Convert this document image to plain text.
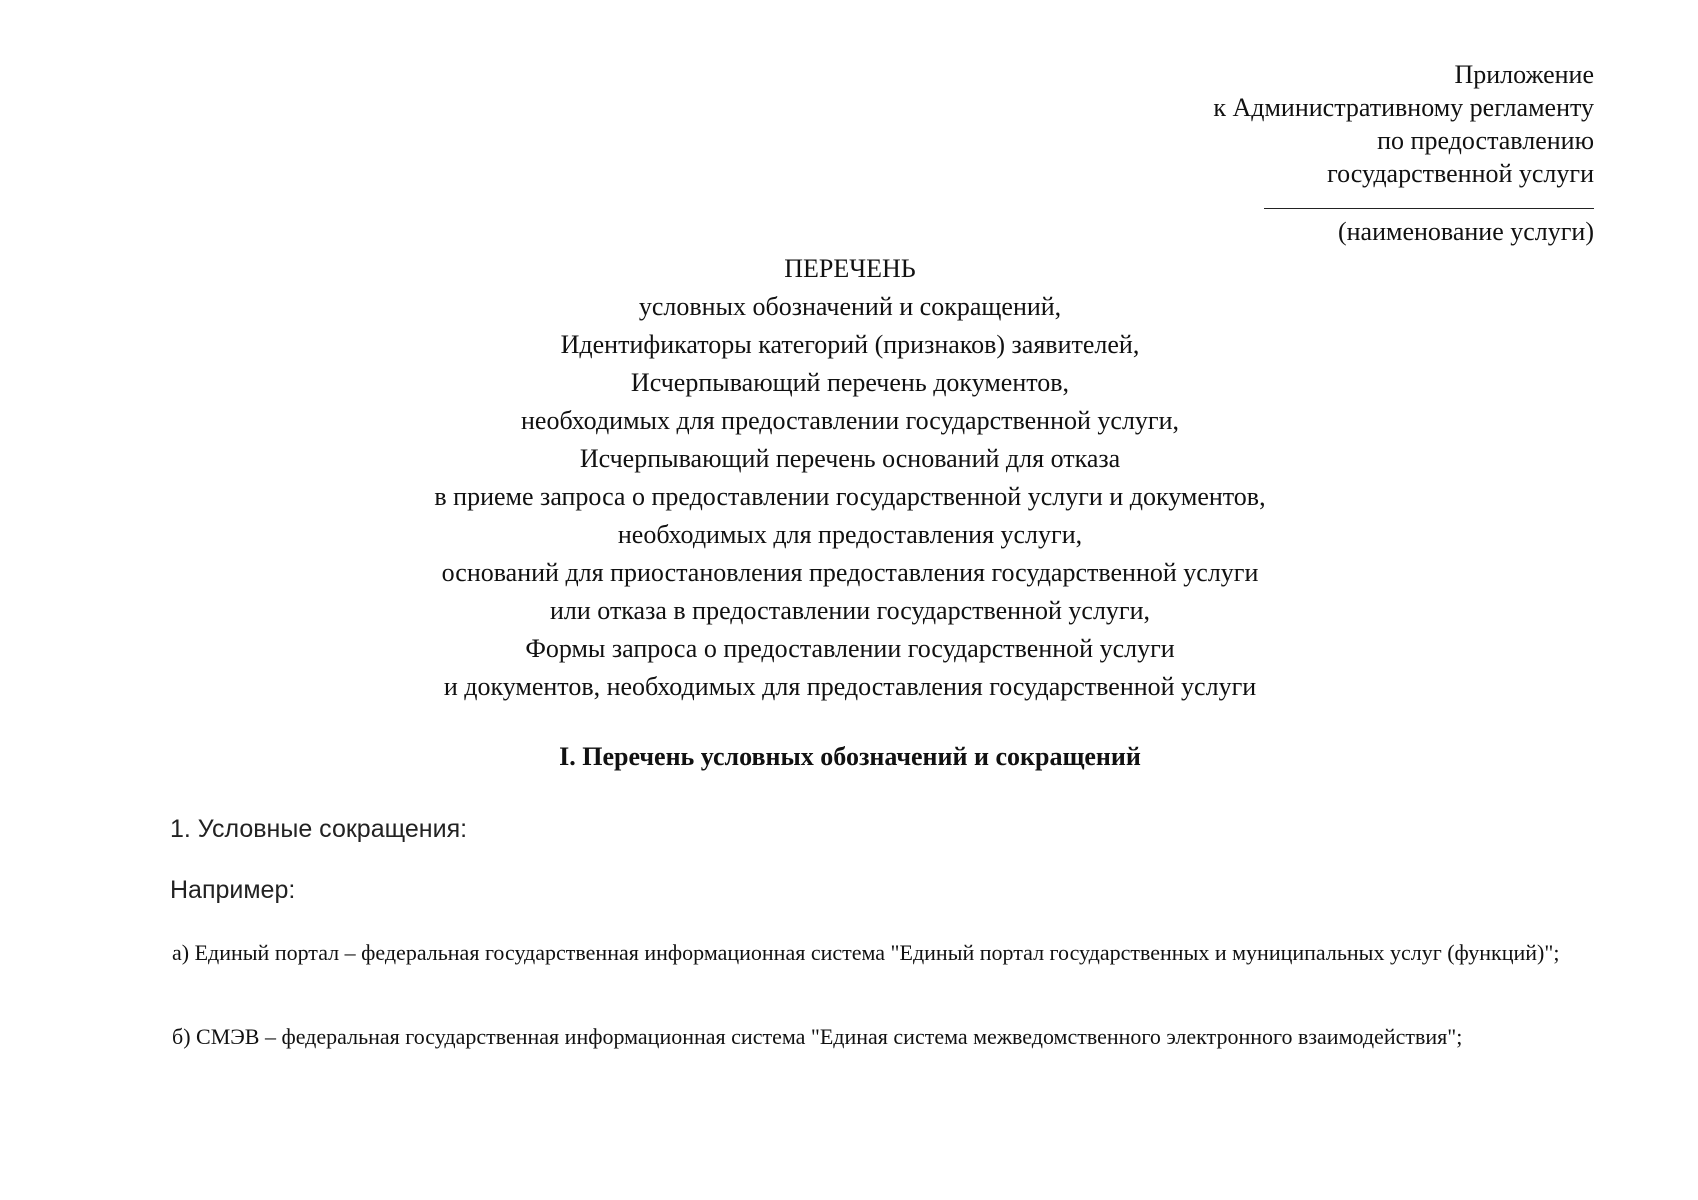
Приложение
к Административному регламенту
по предоставлению
государственной услуги
(наименование услуги)
ПЕРЕЧЕНЬ
условных обозначений и сокращений,
Идентификаторы категорий (признаков) заявителей,
Исчерпывающий перечень документов,
необходимых для предоставлении государственной услуги,
Исчерпывающий перечень оснований для отказа
в приеме запроса о предоставлении государственной услуги и документов,
необходимых для предоставления услуги,
оснований для приостановления предоставления государственной услуги
или отказа в предоставлении государственной услуги,
Формы запроса о предоставлении государственной услуги
и документов, необходимых для предоставления государственной услуги
I. Перечень условных обозначений и сокращений
1. Условные сокращения:
Например:
а) Единый портал – федеральная государственная информационная система "Единый портал государственных и муниципальных услуг (функций)";
б) СМЭВ – федеральная государственная информационная система "Единая система межведомственного электронного взаимодействия";
